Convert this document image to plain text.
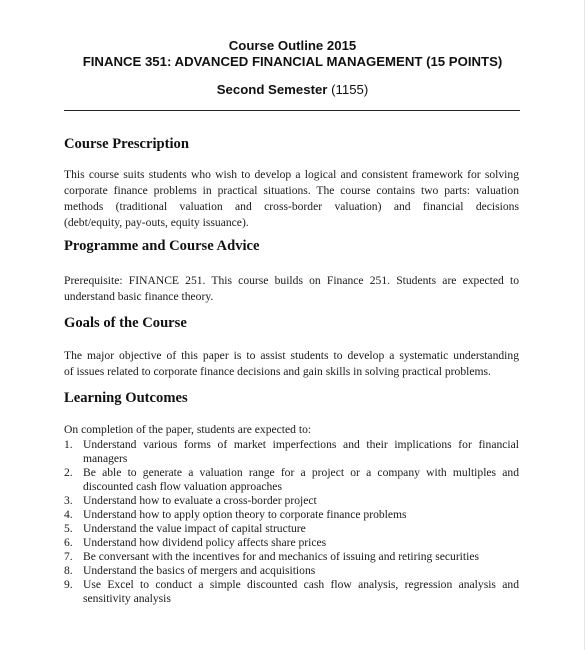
Course Outline 2015
FINANCE 351: ADVANCED FINANCIAL MANAGEMENT (15 POINTS)
Second Semester (1155)
Course Prescription
This course suits students who wish to develop a logical and consistent framework for solving
corporate finance problems in practical situations. The course contains two parts: valuation
methods (traditional valuation and cross-border valuation) and financial decisions
(debt/equity, pay-outs, equity issuance).
Programme and Course Advice
Prerequisite: FINANCE 251. This course builds on Finance 251. Students are expected to
understand basic finance theory.
Goals of the Course
The major objective of this paper is to assist students to develop a systematic understanding
of issues related to corporate finance decisions and gain skills in solving practical problems.
Learning Outcomes
On completion of the paper, students are expected to:
1. Understand various forms of market imperfections and their implications for financial
managers
2. Be able to generate a valuation range for a project or a company with multiples and
discounted cash flow valuation approaches
3. Understand how to evaluate a cross-border project
4. Understand how to apply option theory to corporate finance problems
5. Understand the value impact of capital structure
6. Understand how dividend policy affects share prices
7. Be conversant with the incentives for and mechanics of issuing and retiring securities
8. Understand the basics of mergers and acquisitions
9. Use Excel to conduct a simple discounted cash flow analysis, regression analysis and
sensitivity analysis
